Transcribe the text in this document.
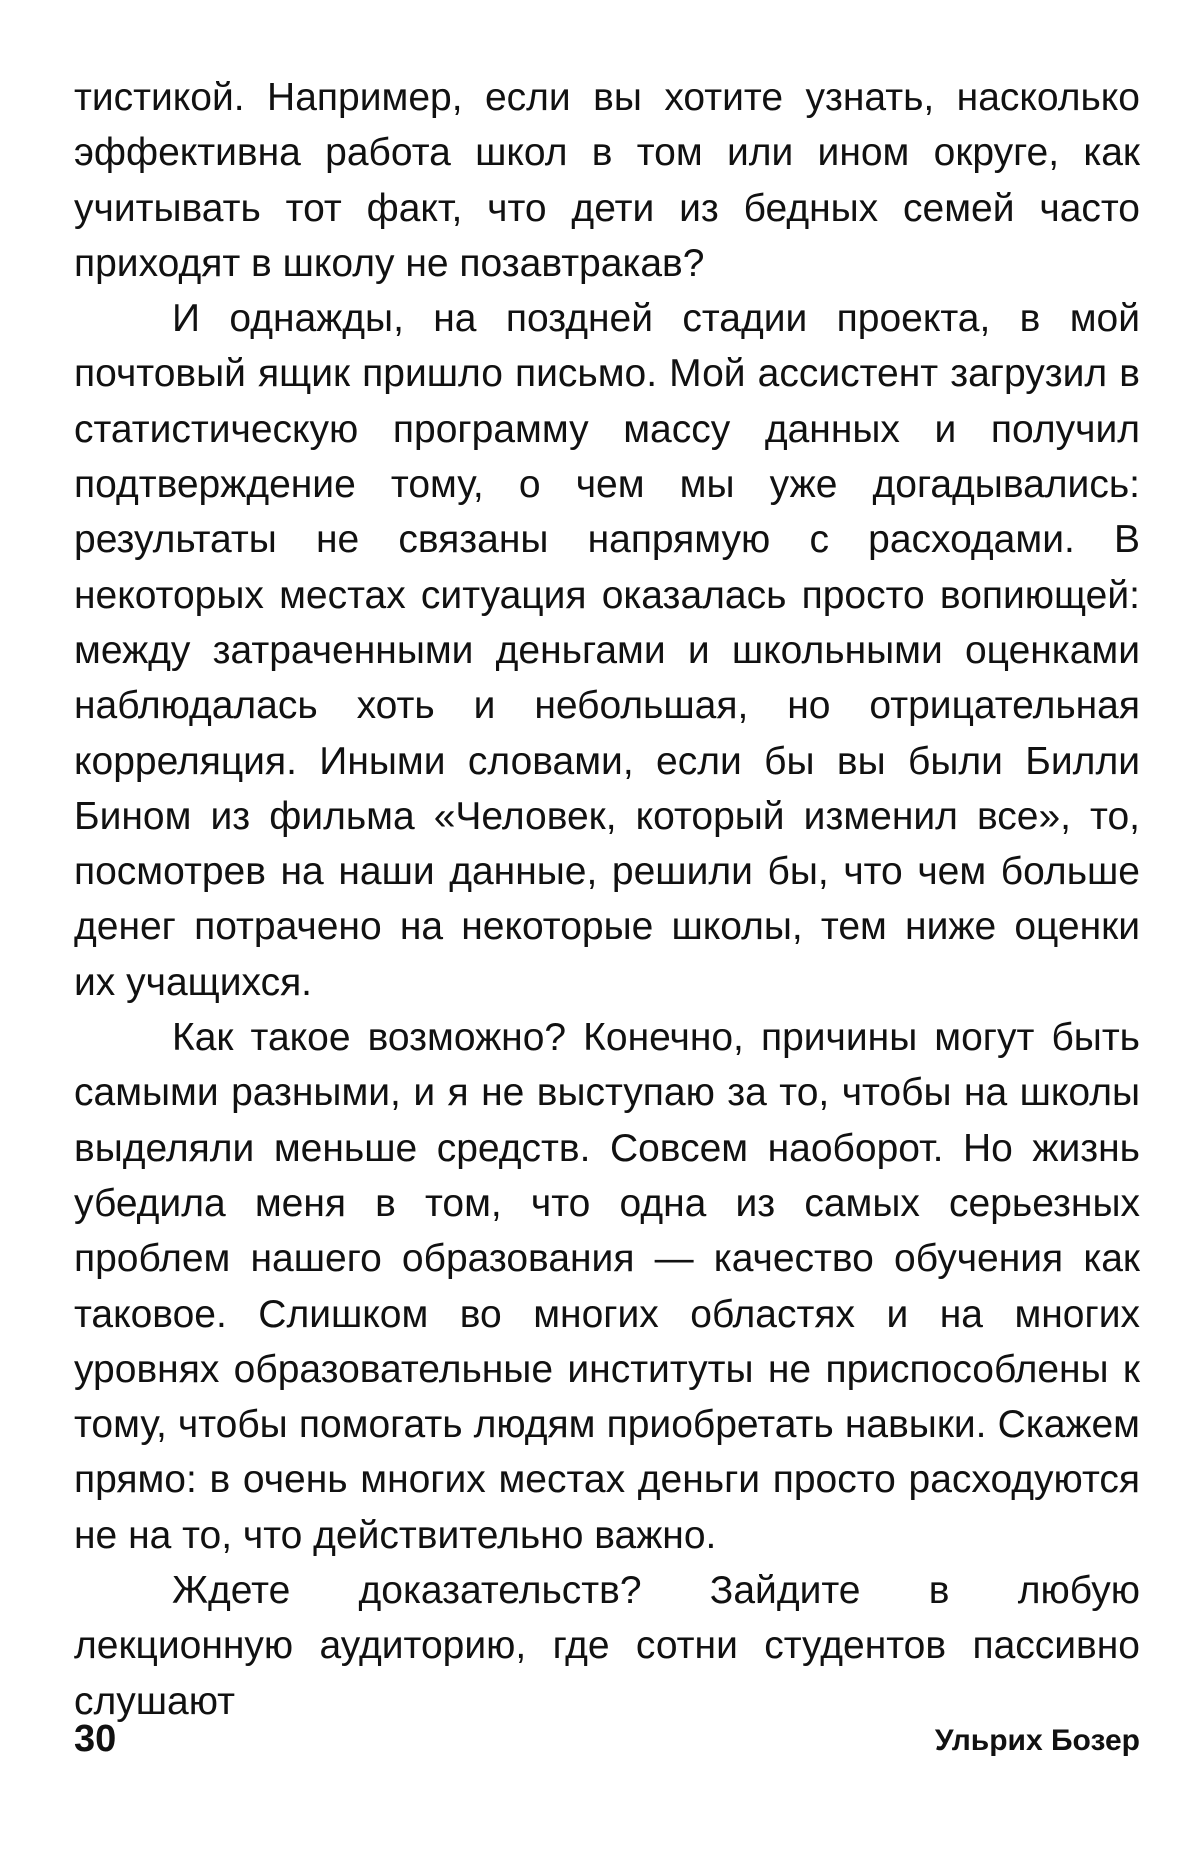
тистикой. Например, если вы хотите узнать, насколько эффективна работа школ в том или ином округе, как учитывать тот факт, что дети из бедных семей часто приходят в школу не позавтракав?

И однажды, на поздней стадии проекта, в мой почтовый ящик пришло письмо. Мой ассистент загрузил в статистическую программу массу данных и получил подтверждение тому, о чем мы уже догадывались: результаты не связаны напрямую с расходами. В некоторых местах ситуация оказалась просто вопиющей: между затраченными деньгами и школьными оценками наблюдалась хоть и небольшая, но отрицательная корреляция. Иными словами, если бы вы были Билли Бином из фильма «Человек, который изменил все», то, посмотрев на наши данные, решили бы, что чем больше денег потрачено на некоторые школы, тем ниже оценки их учащихся.

Как такое возможно? Конечно, причины могут быть самыми разными, и я не выступаю за то, чтобы на школы выделяли меньше средств. Совсем наоборот. Но жизнь убедила меня в том, что одна из самых серьезных проблем нашего образования — качество обучения как таковое. Слишком во многих областях и на многих уровнях образовательные институты не приспособлены к тому, чтобы помогать людям приобретать навыки. Скажем прямо: в очень многих местах деньги просто расходуются не на то, что действительно важно.

Ждете доказательств? Зайдите в любую лекционную аудиторию, где сотни студентов пассивно слушают

30	Ульрих Бозер
